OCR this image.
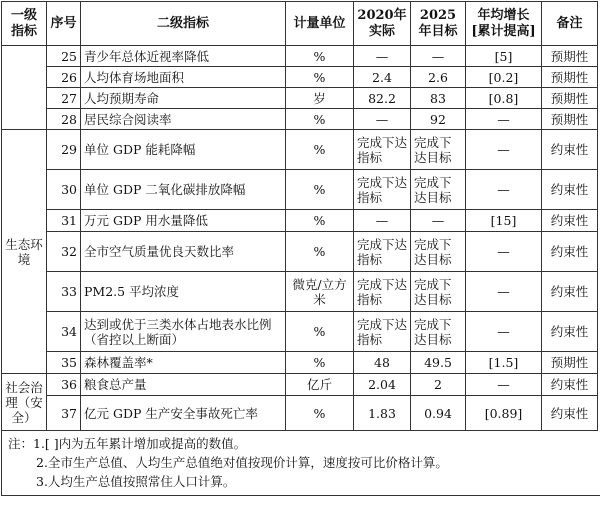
一级指标	序号	二级指标	计量单位	2020年实际	2025年目标	年均增长[累计提高]	备注
	25	青少年总体近视率降低	%	—	—	[5]	预期性
	26	人均体育场地面积	%	2.4	2.6	[0.2]	预期性
	27	人均预期寿命	岁	82.2	83	[0.8]	预期性
	28	居民综合阅读率	%	—	92	—	预期性
生态环境	29	单位 GDP 能耗降幅	%	完成下达指标	完成下达目标	—	约束性
	30	单位 GDP 二氧化碳排放降幅	%	完成下达指标	完成下达目标	—	约束性
	31	万元 GDP 用水量降低	%	—	—	[15]	约束性
	32	全市空气质量优良天数比率	%	完成下达指标	完成下达目标	—	约束性
	33	PM2.5 平均浓度	微克/立方米	完成下达指标	完成下达目标	—	约束性
	34	达到或优于三类水体占地表水比例（省控以上断面）	%	完成下达指标	完成下达目标	—	约束性
	35	森林覆盖率*	%	48	49.5	[1.5]	预期性
社会治理（安全）	36	粮食总产量	亿斤	2.04	2	—	约束性
	37	亿元 GDP 生产安全事故死亡率	%	1.83	0.94	[0.89]	约束性
注：1.[ ]内为五年累计增加或提高的数值。
2.全市生产总值、人均生产总值绝对值按现价计算，速度按可比价格计算。
3.人均生产总值按照常住人口计算。
